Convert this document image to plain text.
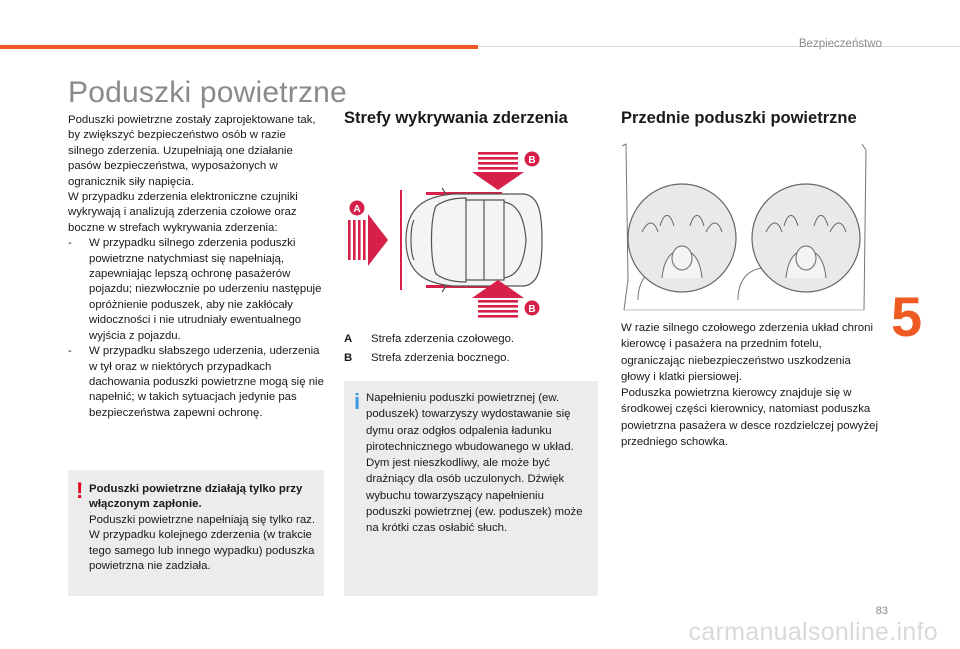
Bezpieczeństwo
Poduszki powietrzne

Poduszki powietrzne zostały zaprojektowane tak, by zwiększyć bezpieczeństwo osób w razie silnego zderzenia. Uzupełniają one działanie pasów bezpieczeństwa, wyposażonych w ogranicznik siły napięcia.

W przypadku zderzenia elektroniczne czujniki wykrywają i analizują zderzenia czołowe oraz boczne w strefach wykrywania zderzenia:

-	W przypadku silnego zderzenia poduszki powietrzne natychmiast się napełniają, zapewniając lepszą ochronę pasażerów pojazdu; niezwłocznie po uderzeniu następuje opróżnienie poduszek, aby nie zakłócały widoczności i nie utrudniały ewentualnego wyjścia z pojazdu.
-	W przypadku słabszego uderzenia, uderzenia w tył oraz w niektórych przypadkach dachowania poduszki powietrzne mogą się nie napełnić; w takich sytuacjach jedynie pas bezpieczeństwa zapewni ochronę.
! Poduszki powietrzne działają tylko przy włączonym zapłonie.
Poduszki powietrzne napełniają się tylko raz. W przypadku kolejnego zderzenia (w trakcie tego samego lub innego wypadku) poduszka powietrzna nie zadziała.
Strefy wykrywania zderzenia
B
A
B
A	Strefa zderzenia czołowego.
B	Strefa zderzenia bocznego.
i Napełnieniu poduszki powietrznej (ew. poduszek) towarzyszy wydostawanie się dymu oraz odgłos odpalenia ładunku pirotechnicznego wbudowanego w układ. Dym jest nieszkodliwy, ale może być drażniący dla osób uczulonych. Dźwięk wybuchu towarzyszący napełnieniu poduszki powietrznej (ew. poduszek) może na krótki czas osłabić słuch.
Przednie poduszki powietrzne
W razie silnego czołowego zderzenia układ chroni kierowcę i pasażera na przednim fotelu, ograniczając niebezpieczeństwo uszkodzenia głowy i klatki piersiowej.
Poduszka powietrzna kierowcy znajduje się w środkowej części kierownicy, natomiast poduszka powietrzna pasażera w desce rozdzielczej powyżej przedniego schowka.
5
83
carmanualsonline.info
